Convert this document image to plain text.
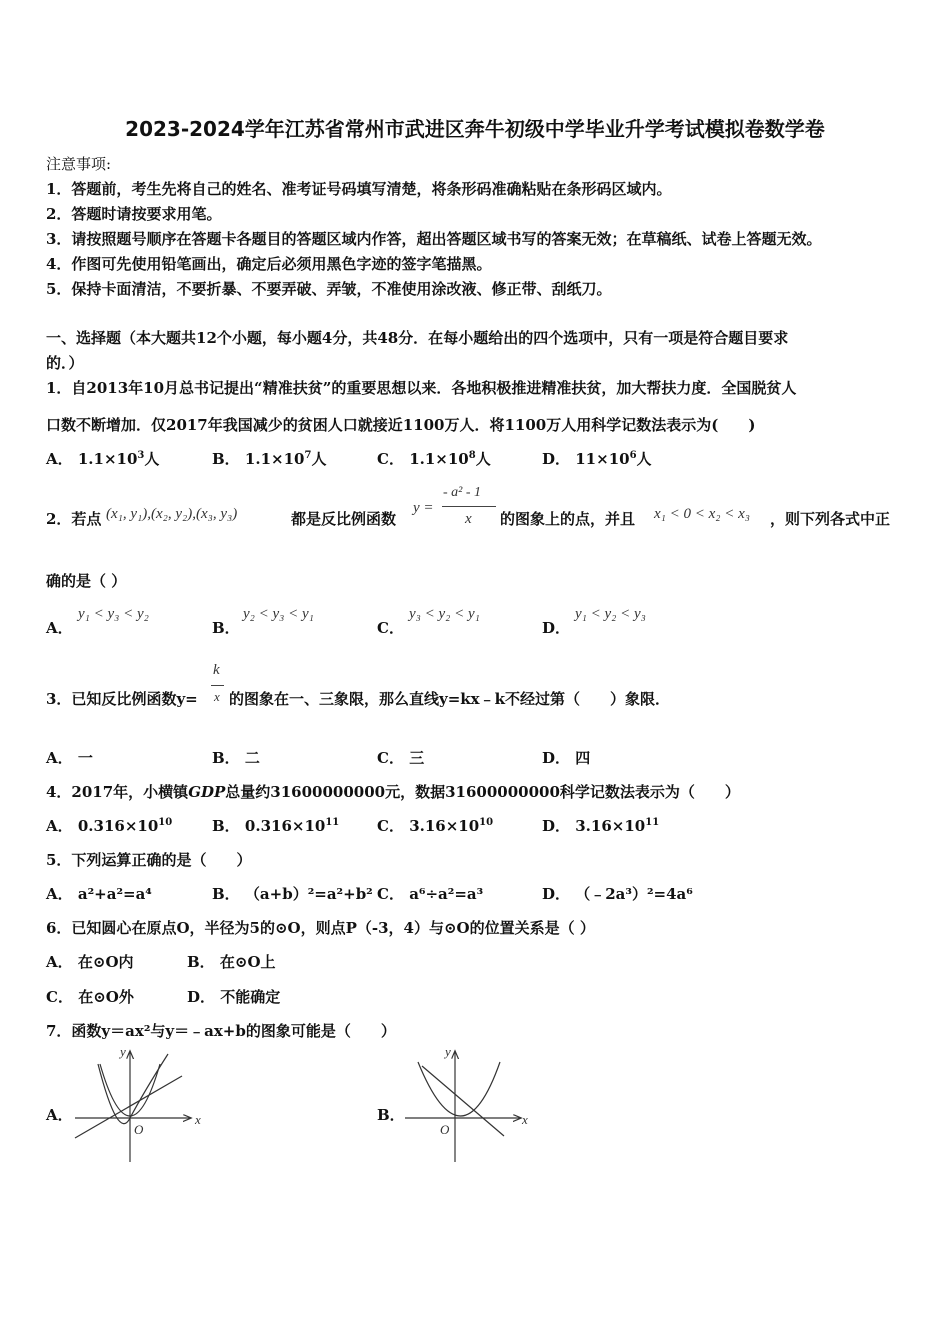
2023-2024学年江苏省常州市武进区奔牛初级中学毕业升学考试模拟卷数学卷
注意事项:
1．答题前，考生先将自己的姓名、准考证号码填写清楚，将条形码准确粘贴在条形码区域内。
2．答题时请按要求用笔。
3．请按照题号顺序在答题卡各题目的答题区域内作答，超出答题区域书写的答案无效；在草稿纸、试卷上答题无效。
4．作图可先使用铅笔画出，确定后必须用黑色字迹的签字笔描黑。
5．保持卡面清洁，不要折暴、不要弄破、弄皱，不准使用涂改液、修正带、刮纸刀。
一、选择题（本大题共12个小题，每小题4分，共48分．在每小题给出的四个选项中，只有一项是符合题目要求
的．）
1．自2013年10月总书记提出“精准扶贫”的重要思想以来．各地积极推进精准扶贫，加大帮扶力度．全国脱贫人
口数不断增加．仅2017年我国减少的贫困人口就接近1100万人．将1100万人用科学记数法表示为(　　)
A． $1.1\times 10^3$人	B． $1.1\times 10^7$人	C． $1.1\times 10^8$人	D． $11\times 10^6$人
2．若点 (x₁, y₁),(x₂, y₂),(x₃, y₃)	都是反比例函数
y =
- a² - 1
x 的图象上的点，并且 x₁ < 0 < x₂ < x₃ ，则下列各式中正
确的是（ ）
A．
y₁ < y₃ < y₂
B．
y₂ < y₃ < y₁
C．
y₃ < y₂ < y₁
D．
y₁ < y₂ < y₃
3．已知反比例函数y=
k
x 的图象在一、三象限，那么直线y=kx﹣k不经过第（　　）象限．
A． 一	B． 二	C． 三	D． 四
4．2017年，小横镇GDP总量约31600000000元，数据31600000000科学记数法表示为（　　）
A． $0.316\times 10^{10}$	B． $0.316\times 10^{11}$	C． $3.16\times 10^{10}$	D． $3.16\times 10^{11}$
5．下列运算正确的是（　　）
A． a²+a²=a⁴	B． （a+b）²=a²+b² C． a⁶÷a²=a³	D． （﹣2a³）²=4a⁶
6．已知圆心在原点O，半径为5的⊙O，则点P（-3，4）与⊙O的位置关系是（ ）
A． 在⊙O内	B． 在⊙O上
C． 在⊙O外	D． 不能确定
7．函数y＝ax²与y＝﹣ax+b的图象可能是（　　）
A．	x
y
O
B．	x
y
O
